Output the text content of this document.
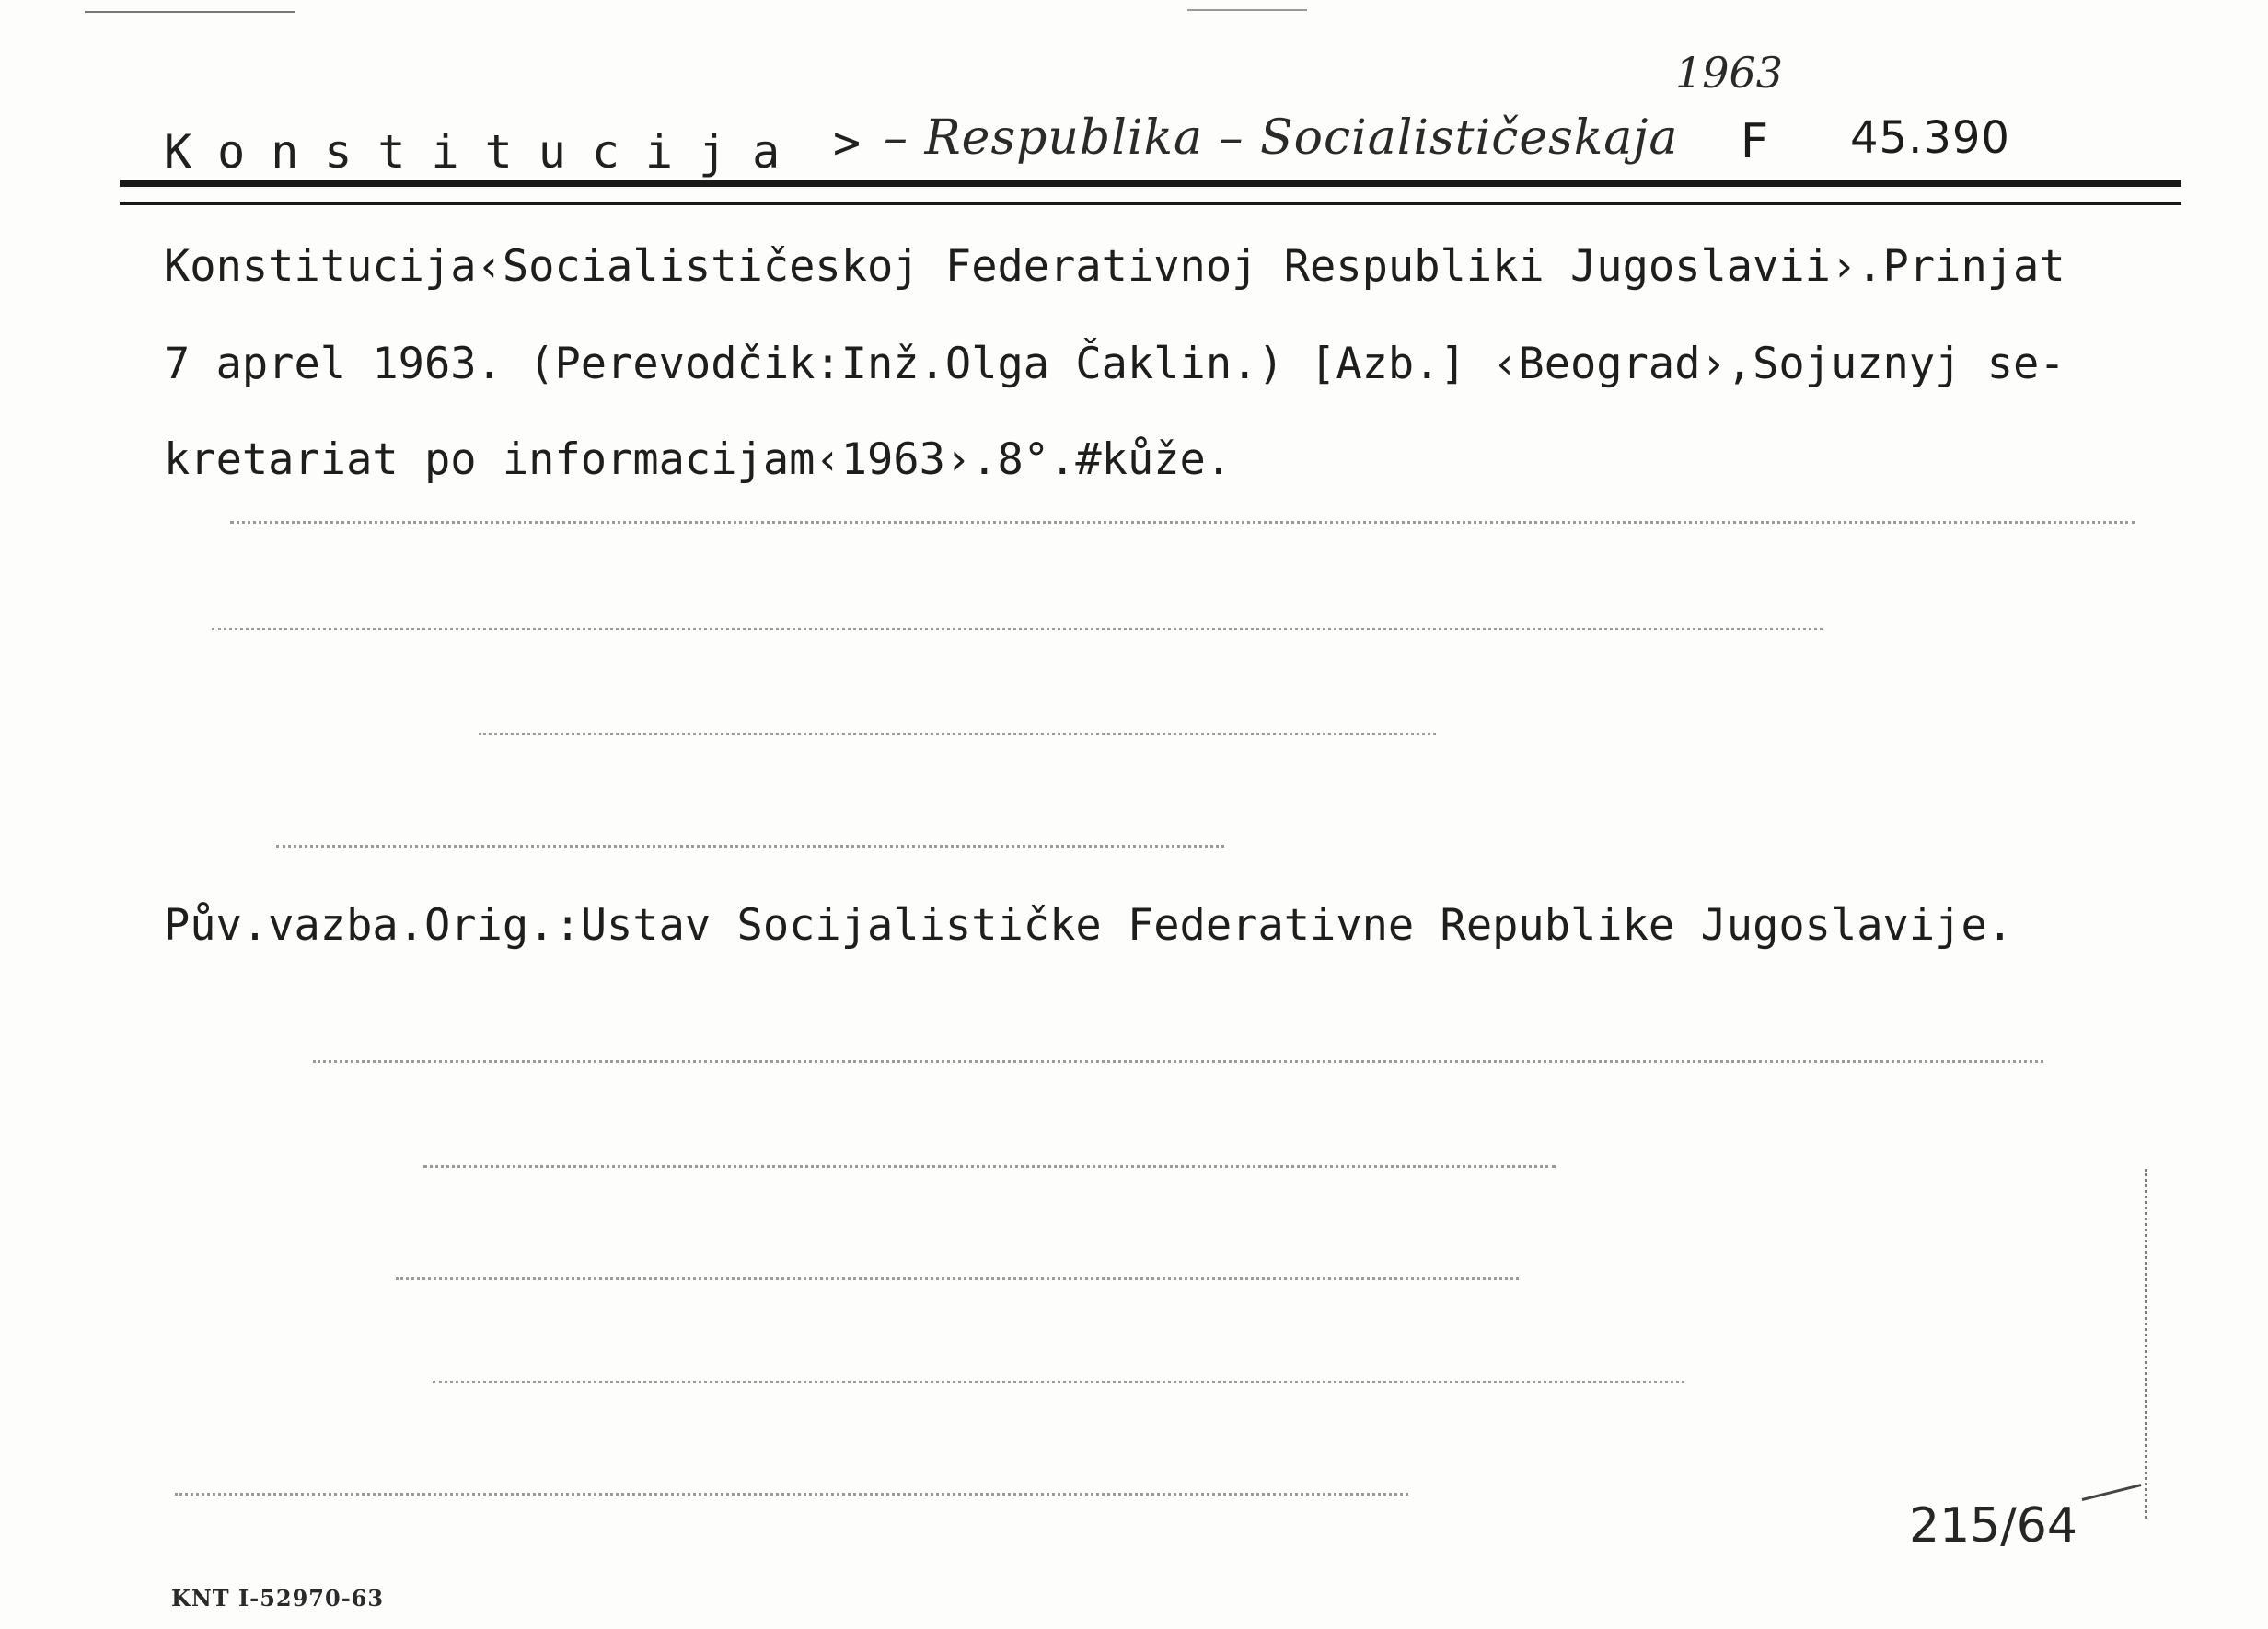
Konstitucija > – Respublika – Socialističeskaja
1963
F 45.390
Konstitucija‹Socialističeskoj Federativnoj Respubliki Jugoslavii›.Prinjat
7 aprel 1963. (Perevodčik:Inž.Olga Čaklin.) [Azb.] ‹Beograd›,Sojuznyj se-
kretariat po informacijam‹1963›.8°.#kůže.
Pův.vazba.Orig.:Ustav Socijalističke Federativne Republike Jugoslavije.
215/64
KNT I-52970-63
